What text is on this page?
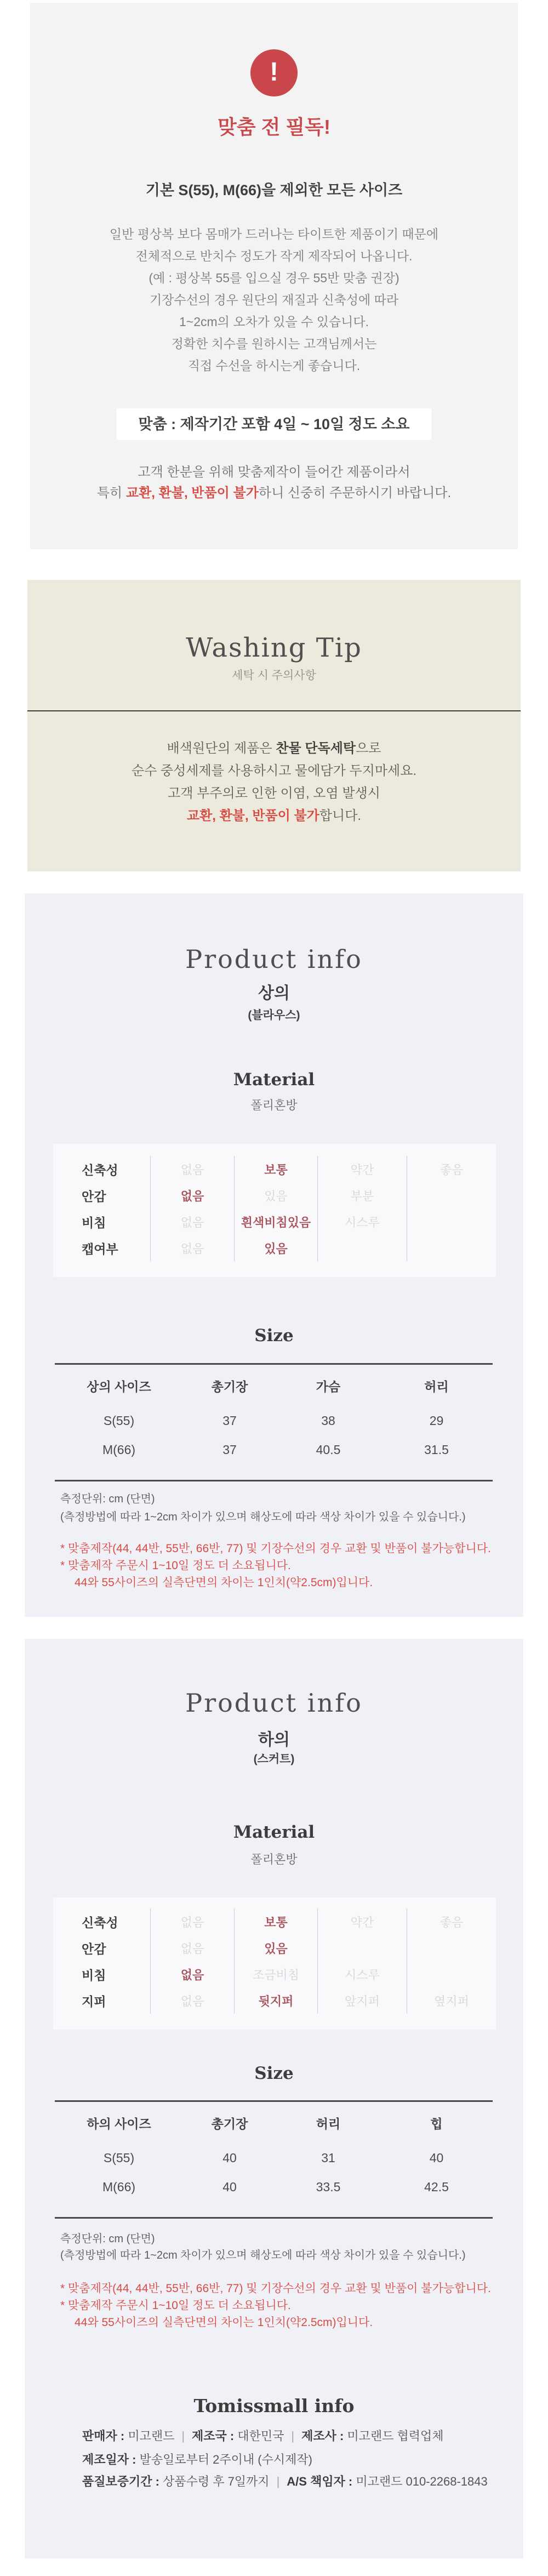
!
맞춤 전 필독!
기본 S(55), M(66)을 제외한 모든 사이즈
일반 평상복 보다 몸매가 드러나는 타이트한 제품이기 때문에
전체적으로 반치수 정도가 작게 제작되어 나옵니다.
(예 : 평상복 55를 입으실 경우 55반 맞춤 권장)
기장수선의 경우 원단의 재질과 신축성에 따라
1~2cm의 오차가 있을 수 있습니다.
정확한 치수를 원하시는 고객님께서는
직접 수선을 하시는게 좋습니다.
맞춤 : 제작기간 포함 4일 ~ 10일 정도 소요
고객 한분을 위해 맞춤제작이 들어간 제품이라서
특히 교환, 환불, 반품이 불가하니 신중히 주문하시기 바랍니다.
Washing Tip
세탁 시 주의사항
배색원단의 제품은 찬물 단독세탁으로
순수 중성세제를 사용하시고 물에담가 두지마세요.
고객 부주의로 인한 이염, 오염 발생시
교환, 환불, 반품이 불가합니다.
Product info
상의
(블라우스)
Material
폴리혼방
신축성	없음	보통	약간	좋음
안감	없음	있음	부분
비침	없음	흰색비침있음	시스루
캡여부	없음	있음
Size
상의 사이즈	총기장	가슴	허리
S(55)	37	38	29
M(66)	37	40.5	31.5
측정단위: cm (단면)
(측정방법에 따라 1~2cm 차이가 있으며 해상도에 따라 색상 차이가 있을 수 있습니다.)
* 맞춤제작(44, 44반, 55반, 66반, 77) 및 기장수선의 경우 교환 및 반품이 불가능합니다.
* 맞춤제작 주문시 1~10일 정도 더 소요됩니다.
44와 55사이즈의 실측단면의 차이는 1인치(약2.5cm)입니다.
Product info
하의
(스커트)
Material
폴리혼방
신축성	없음	보통	약간	좋음
안감	없음	있음
비침	없음	조금비침	시스루
지퍼	없음	뒷지퍼	앞지퍼	옆지퍼
Size
하의 사이즈	총기장	허리	힙
S(55)	40	31	40
M(66)	40	33.5	42.5
측정단위: cm (단면)
(측정방법에 따라 1~2cm 차이가 있으며 해상도에 따라 색상 차이가 있을 수 있습니다.)
* 맞춤제작(44, 44반, 55반, 66반, 77) 및 기장수선의 경우 교환 및 반품이 불가능합니다.
* 맞춤제작 주문시 1~10일 정도 더 소요됩니다.
44와 55사이즈의 실측단면의 차이는 1인치(약2.5cm)입니다.
Tomissmall info
판매자 : 미고랜드 | 제조국 : 대한민국 | 제조사 : 미고랜드 협력업체
제조일자 : 발송일로부터 2주이내 (수시제작)
품질보증기간 : 상품수령 후 7일까지 | A/S 책임자 : 미고랜드 010-2268-1843
